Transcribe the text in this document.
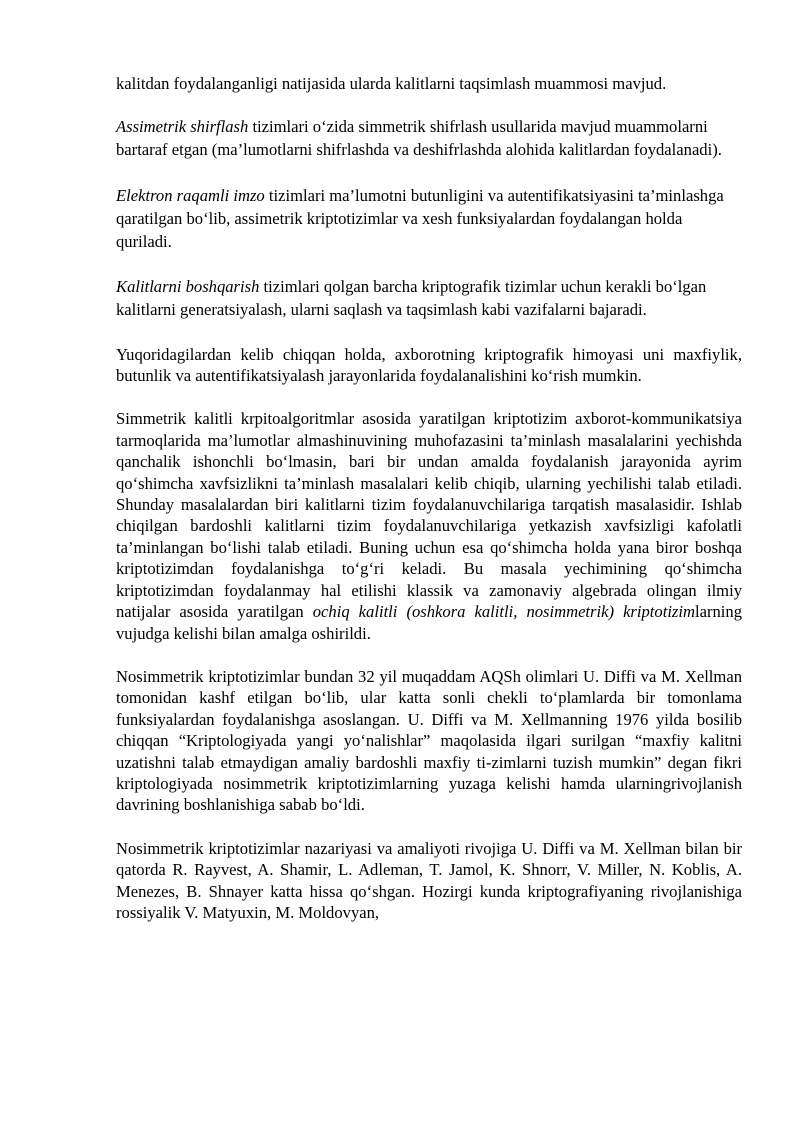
kalitdan foydalanganligi natijasida ularda kalitlarni taqsimlash muammosi mavjud.

Assimetrik shirflash tizimlari o‘zida simmetrik shifrlash usullarida mavjud muammolarni bartaraf etgan (ma’lumotlarni shifrlashda va deshifrlashda alohida kalitlardan foydalanadi).

Elektron raqamli imzo tizimlari ma’lumotni butunligini va autentifikatsiyasini ta’minlashga qaratilgan bo‘lib, assimetrik kriptotizimlar va xesh funksiyalardan foydalangan holda quriladi.

Kalitlarni boshqarish tizimlari qolgan barcha kriptografik tizimlar uchun kerakli bo‘lgan kalitlarni generatsiyalash, ularni saqlash va taqsimlash kabi vazifalarni bajaradi.

Yuqoridagilardan kelib chiqqan holda, axborotning kriptografik himoyasi uni maxfiylik, butunlik va autentifikatsiyalash jarayonlarida foydalanalishini ko‘rish mumkin.

Simmetrik kalitli krpitoalgoritmlar asosida yaratilgan kriptotizim axborot-kommunikatsiya tarmoqlarida ma’lumotlar almashinuvining muhofazasini ta’minlash masalalarini yechishda qanchalik ishonchli bo‘lmasin, bari bir undan amalda foydalanish jarayonida ayrim qo‘shimcha xavfsizlikni ta’minlash masalalari kelib chiqib, ularning yechilishi talab etiladi. Shunday masalalardan biri kalitlarni tizim foydalanuvchilariga tarqatish masalasidir. Ishlab chiqilgan bardoshli kalitlarni tizim foydalanuvchilariga yetkazish xavfsizligi kafolatli ta’minlangan bo‘lishi talab etiladi. Buning uchun esa qo‘shimcha holda yana biror boshqa kriptotizimdan foydalanishga to‘g‘ri keladi. Bu masala yechimining qo‘shimcha kriptotizimdan foydalanmay hal etilishi klassik va zamonaviy algebrada olingan ilmiy natijalar asosida yaratilgan ochiq kalitli (oshkora kalitli, nosimmetrik) kriptotizimlarning vujudga kelishi bilan amalga oshirildi.

Nosimmetrik kriptotizimlar bundan 32 yil muqaddam AQSh olimlari U. Diffi va M. Xellman tomonidan kashf etilgan bo‘lib, ular katta sonli chekli to‘plamlarda bir tomonlama funksiyalardan foydalanishga asoslangan. U. Diffi va M. Xellmanning 1976 yilda bosilib chiqqan “Kriptologiyada yangi yo‘nalishlar” maqolasida ilgari surilgan “maxfiy kalitni uzatishni talab etmaydigan amaliy bardoshli maxfiy ti-zimlarni tuzish mumkin” degan fikri kriptologiyada nosimmetrik kriptotizimlarning yuzaga kelishi hamda ularningrivojlanish davrining boshlanishiga sabab bo‘ldi.

Nosimmetrik kriptotizimlar nazariyasi va amaliyoti rivojiga U. Diffi va M. Xellman bilan bir qatorda R. Rayvest, A. Shamir, L. Adleman, T. Jamol, K. Shnorr, V. Miller, N. Koblis, A. Menezes, B. Shnayer katta hissa qo‘shgan. Hozirgi kunda kriptografiyaning rivojlanishiga rossiyalik V. Matyuxin, M. Moldovyan,
